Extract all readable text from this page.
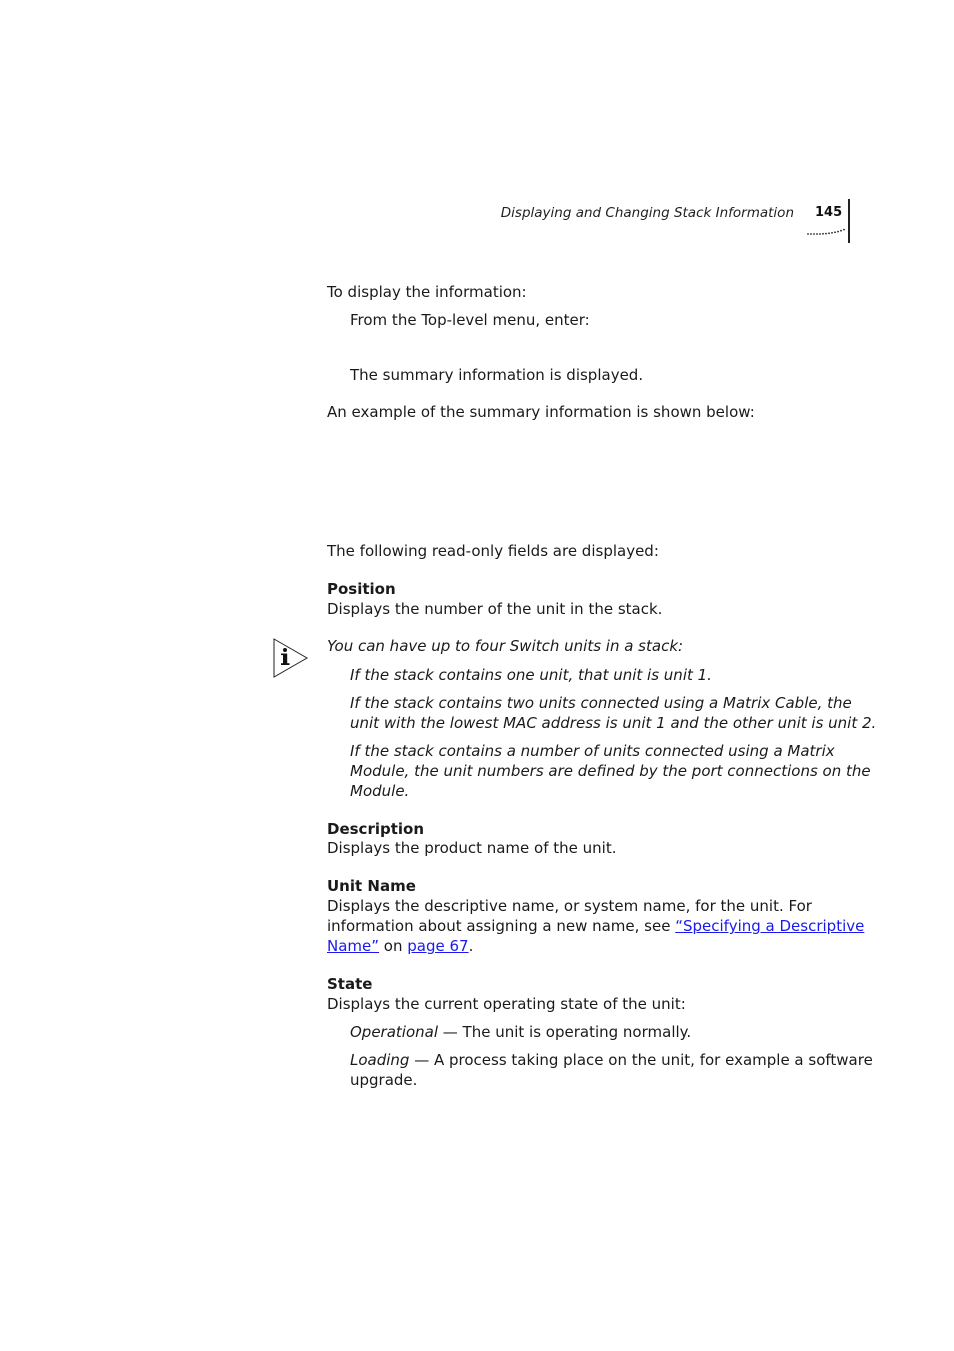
Displaying and Changing Stack Information 145
To display the information:
From the Top-level menu, enter:
The summary information is displayed.
An example of the summary information is shown below:
The following read-only fields are displayed:
Position
Displays the number of the unit in the stack.
You can have up to four Switch units in a stack:
If the stack contains one unit, that unit is unit 1.
If the stack contains two units connected using a Matrix Cable, the
unit with the lowest MAC address is unit 1 and the other unit is unit 2.
If the stack contains a number of units connected using a Matrix
Module, the unit numbers are defined by the port connections on the
Module.
Description
Displays the product name of the unit.
Unit Name
Displays the descriptive name, or system name, for the unit. For
information about assigning a new name, see “Specifying a Descriptive
Name” on page 67.
State
Displays the current operating state of the unit:
Operational — The unit is operating normally.
Loading — A process taking place on the unit, for example a software
upgrade.
